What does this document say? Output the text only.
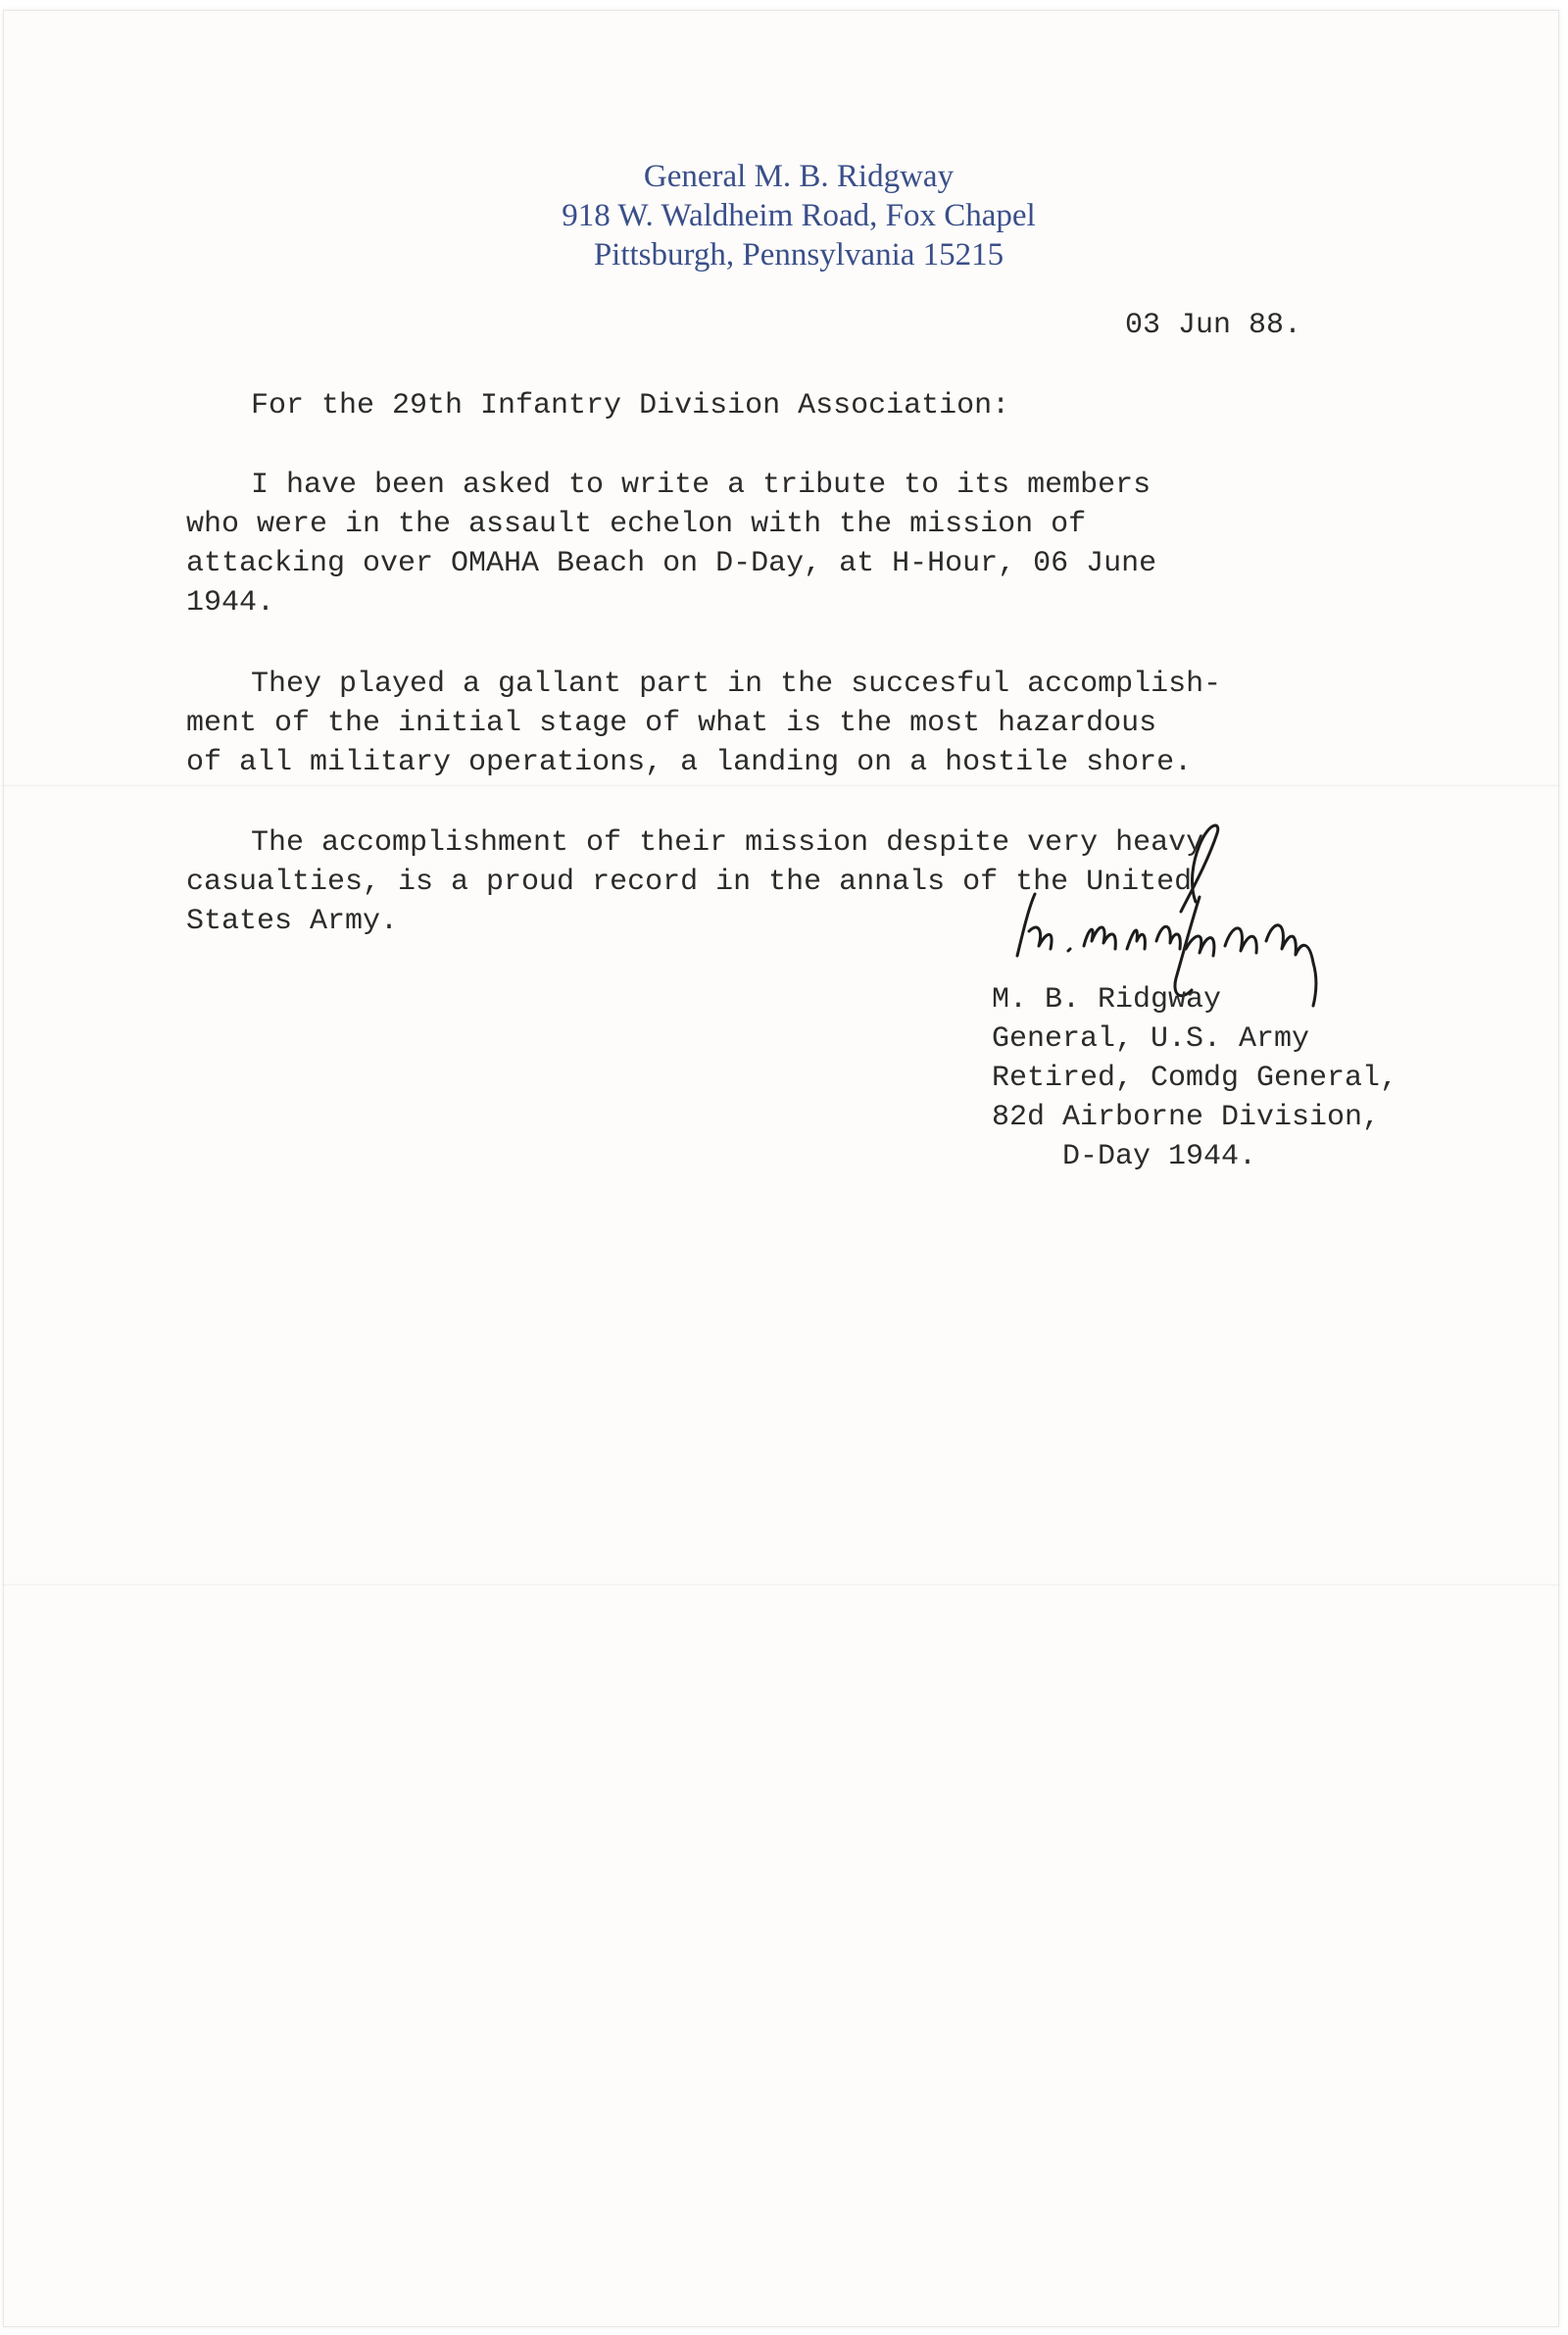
General M. B. Ridgway
918 W. Waldheim Road, Fox Chapel
Pittsburgh, Pennsylvania 15215
03 Jun 88.
For the 29th Infantry Division Association:
I have been asked to write a tribute to its members
who were in the assault echelon with the mission of
attacking over OMAHA Beach on D-Day, at H-Hour, 06 June
1944.
They played a gallant part in the succesful accomplish-
ment of the initial stage of what is the most hazardous
of all military operations, a landing on a hostile shore.
The accomplishment of their mission despite very heavy
casualties, is a proud record in the annals of the United
States Army.
M. B. Ridgway
General, U.S. Army
Retired, Comdg General,
82d Airborne Division,
D-Day 1944.
